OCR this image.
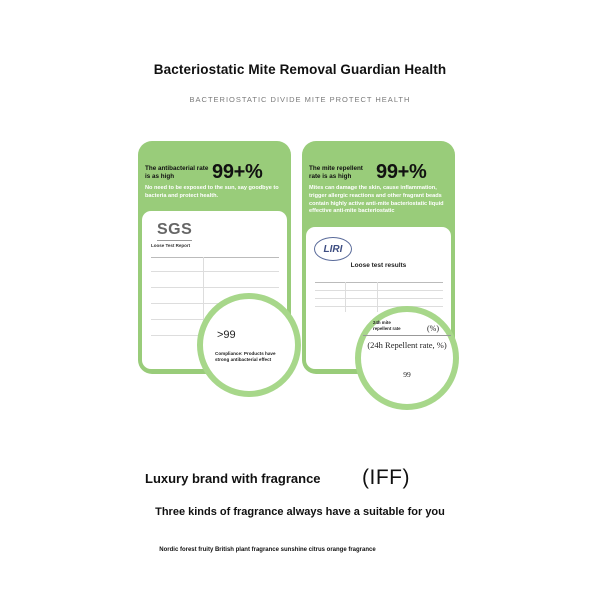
Bacteriostatic Mite Removal Guardian Health
BACTERIOSTATIC DIVIDE MITE PROTECT HEALTH
The antibacterial rate is as high	99+%
No need to be exposed to the sun, say goodbye to bacteria and protect health.
SGS
Loose Test Report
The mite repellent rate is as high	99+%
Mites can damage the skin, cause inflammation, trigger allergic reactions and other fragrant beads contain highly active anti-mite bacteriostatic liquid effective anti-mite bacteriostatic
LIRI
Loose test results
>99
Compliance: Products have strong antibacterial effect
24h mite repellent rate	(%)
(24h Repellent rate, %)
99
Luxury brand with fragrance (IFF)
Three kinds of fragrance always have a suitable for you
Nordic forest fruity British plant fragrance sunshine citrus orange fragrance
